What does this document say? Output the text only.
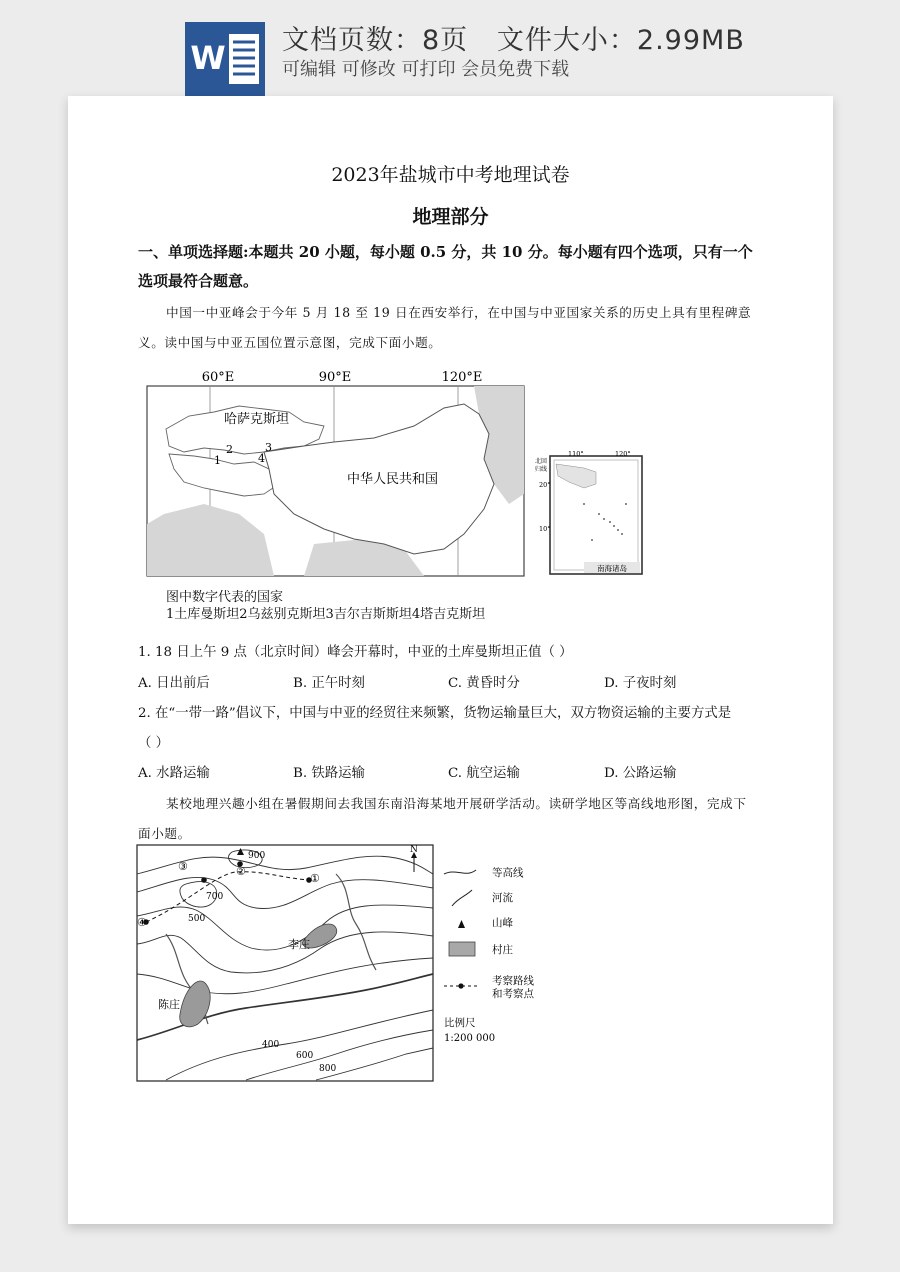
W 文档页数：8页   文件大小：2.99MB
可编辑 可修改 可打印 会员免费下载
2023年盐城市中考地理试卷
地理部分
一、单项选择题:本题共 20 小题，每小题 0.5 分，共 10 分。每小题有四个选项，只有一个
选项最符合题意。
中国一中亚峰会于今年 5 月 18 至 19 日在西安举行，在中国与中亚国家关系的历史上具有里程碑意
义。读中国与中亚五国位置示意图，完成下面小题。
60°E	90°E	120°E
哈萨克斯坦
中华人民共和国
1
2	3
4	110°	120°
北回
归线
20°
10°
南海诸岛
图中数字代表的国家
1土库曼斯坦2乌兹别克斯坦3吉尔吉斯斯坦4塔吉克斯坦
1. 18 日上午 9 点（北京时间）峰会开幕时，中亚的土库曼斯坦正值（ ）
A. 日出前后	B. 正午时刻	C. 黄昏时分	D. 子夜时刻
2. 在“一带一路”倡议下，中国与中亚的经贸往来频繁，货物运输量巨大，双方物资运输的主要方式是
（ ）
A. 水路运输	B. 铁路运输	C. 航空运输	D. 公路运输
某校地理兴趣小组在暑假期间去我国东南沿海某地开展研学活动。读研学地区等高线地形图，完成下
面小题。
900
700
500
400
600
800
①
②
③
④
李庄
陈庄
N
等高线
河流
山峰
村庄
考察路线
和考察点
比例尺
1:200 000
